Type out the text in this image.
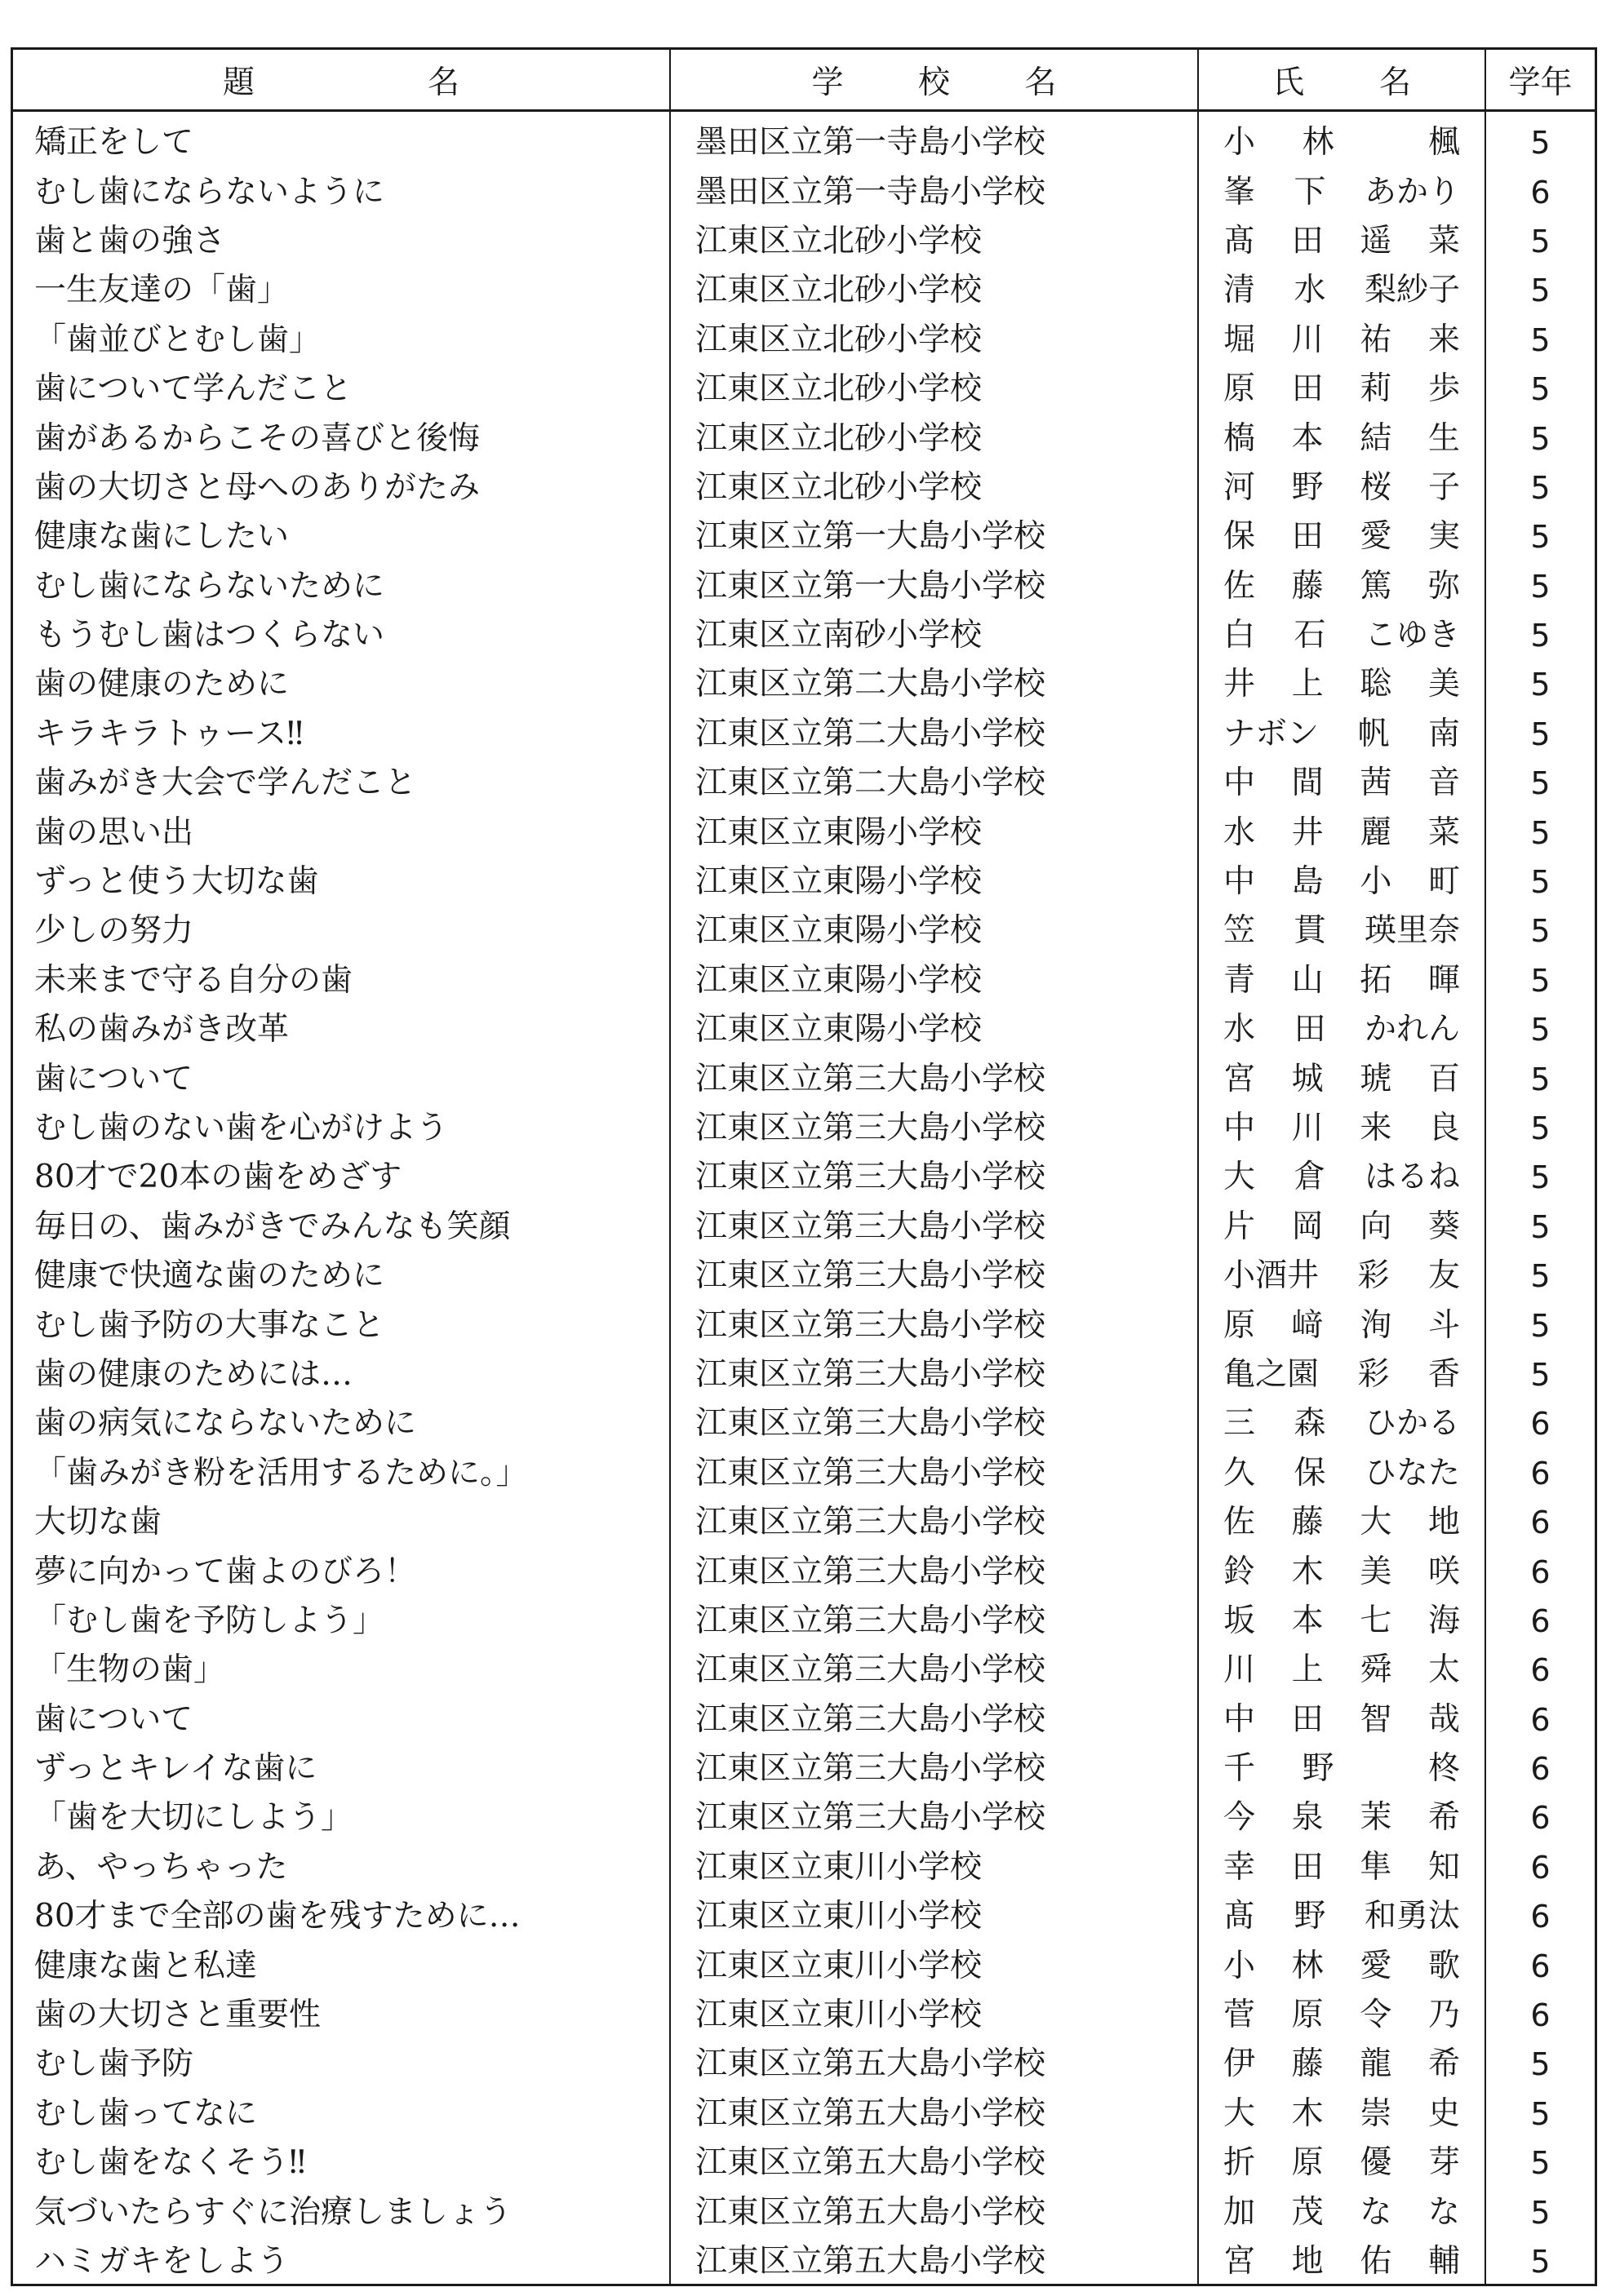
題 名	学 校 名	氏 名	学年

矯正をして	墨田区立第一寺島小学校	小 林 楓	5
むし歯にならないように	墨田区立第一寺島小学校	峯 下 あかり	6
歯と歯の強さ	江東区立北砂小学校	髙 田 遥 菜	5
一生友達の「歯」	江東区立北砂小学校	清 水 梨紗子	5
「歯並びとむし歯」	江東区立北砂小学校	堀 川 祐 来	5
歯について学んだこと	江東区立北砂小学校	原 田 莉 歩	5
歯があるからこその喜びと後悔	江東区立北砂小学校	槗 本 結 生	5
歯の大切さと母へのありがたみ	江東区立北砂小学校	河 野 桜 子	5
健康な歯にしたい	江東区立第一大島小学校	保 田 愛 実	5
むし歯にならないために	江東区立第一大島小学校	佐 藤 篤 弥	5
もうむし歯はつくらない	江東区立南砂小学校	白 石 こゆき	5
歯の健康のために	江東区立第二大島小学校	井 上 聡 美	5
キラキラトゥース‼	江東区立第二大島小学校	ナボン 帆 南	5
歯みがき大会で学んだこと	江東区立第二大島小学校	中 間 茜 音	5
歯の思い出	江東区立東陽小学校	水 井 麗 菜	5
ずっと使う大切な歯	江東区立東陽小学校	中 島 小 町	5
少しの努力	江東区立東陽小学校	笠 貫 瑛里奈	5
未来まで守る自分の歯	江東区立東陽小学校	青 山 拓 暉	5
私の歯みがき改革	江東区立東陽小学校	水 田 かれん	5
歯について	江東区立第三大島小学校	宮 城 琥 百	5
むし歯のない歯を心がけよう	江東区立第三大島小学校	中 川 来 良	5
80才で20本の歯をめざす	江東区立第三大島小学校	大 倉 はるね	5
毎日の、歯みがきでみんなも笑顔	江東区立第三大島小学校	片 岡 向 葵	5
健康で快適な歯のために	江東区立第三大島小学校	小酒井 彩 友	5
むし歯予防の大事なこと	江東区立第三大島小学校	原 﨑 洵 斗	5
歯の健康のためには…	江東区立第三大島小学校	亀之園 彩 香	5
歯の病気にならないために	江東区立第三大島小学校	三 森 ひかる	6
「歯みがき粉を活用するために。」	江東区立第三大島小学校	久 保 ひなた	6
大切な歯	江東区立第三大島小学校	佐 藤 大 地	6
夢に向かって歯よのびろ！	江東区立第三大島小学校	鈴 木 美 咲	6
「むし歯を予防しよう」	江東区立第三大島小学校	坂 本 七 海	6
「生物の歯」	江東区立第三大島小学校	川 上 舜 太	6
歯について	江東区立第三大島小学校	中 田 智 哉	6
ずっとキレイな歯に	江東区立第三大島小学校	千 野 柊	6
「歯を大切にしよう」	江東区立第三大島小学校	今 泉 茉 希	6
あ、やっちゃった	江東区立東川小学校	幸 田 隼 知	6
80才まで全部の歯を残すために…	江東区立東川小学校	髙 野 和勇汰	6
健康な歯と私達	江東区立東川小学校	小 林 愛 歌	6
歯の大切さと重要性	江東区立東川小学校	菅 原 令 乃	6
むし歯予防	江東区立第五大島小学校	伊 藤 龍 希	5
むし歯ってなに	江東区立第五大島小学校	大 木 崇 史	5
むし歯をなくそう‼	江東区立第五大島小学校	折 原 優 芽	5
気づいたらすぐに治療しましょう	江東区立第五大島小学校	加 茂 な な	5
ハミガキをしよう	江東区立第五大島小学校	宮 地 佑 輔	5
